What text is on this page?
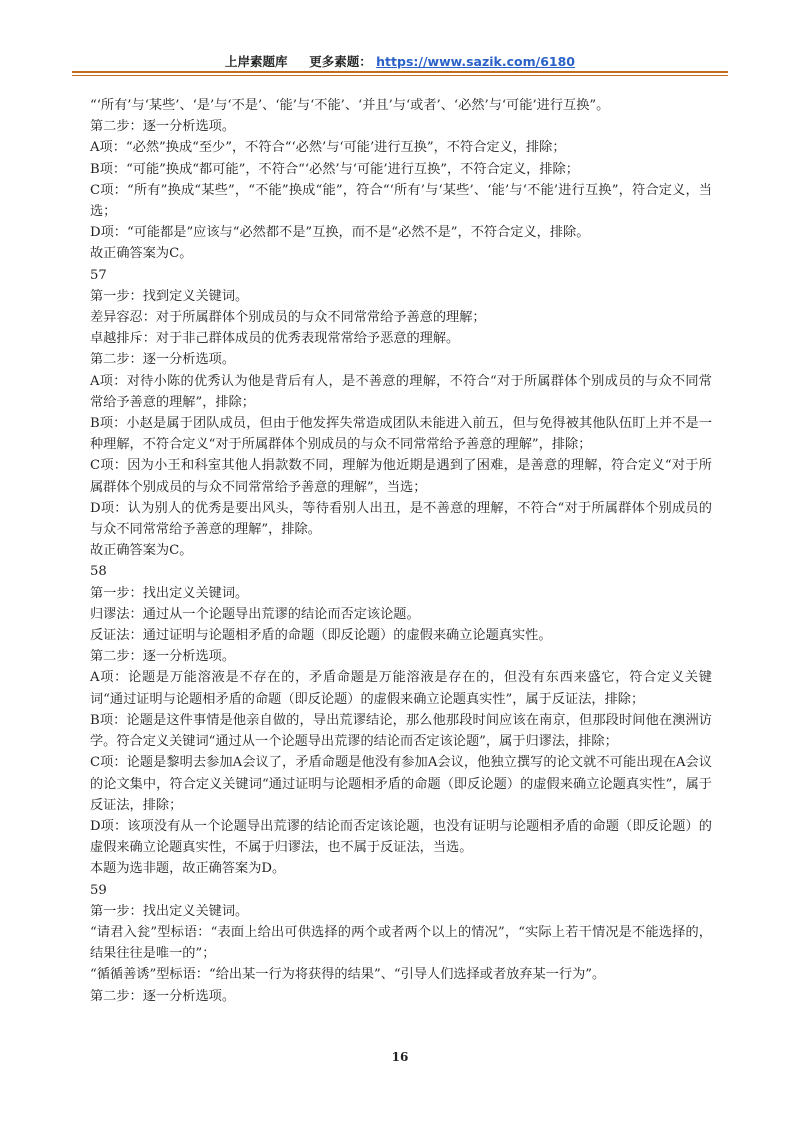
上岸素题库 更多素题： https://www.sazik.com/6180

“‘所有’与‘某些’、‘是’与‘不是’、‘能’与‘不能’、‘并且’与‘或者’、‘必然’与‘可能’进行互换”。

第二步：逐一分析选项。

A项：“必然”换成“至少”，不符合“‘必然’与‘可能’进行互换”，不符合定义，排除；

B项：“可能”换成“都可能”，不符合“‘必然’与‘可能’进行互换”，不符合定义，排除；

C项：“所有”换成“某些”，“不能”换成“能”，符合“‘所有’与‘某些’、‘能’与‘不能’进行互换”，符合定义，当选；

D项：“可能都是”应该与“必然都不是”互换，而不是“必然不是”，不符合定义，排除。

故正确答案为C。

57

第一步：找到定义关键词。

差异容忍：对于所属群体个别成员的与众不同常常给予善意的理解；

卓越排斥：对于非己群体成员的优秀表现常常给予恶意的理解。

第二步：逐一分析选项。

A项：对待小陈的优秀认为他是背后有人，是不善意的理解，不符合“对于所属群体个别成员的与众不同常常给予善意的理解”，排除；

B项：小赵是属于团队成员，但由于他发挥失常造成团队未能进入前五，但与免得被其他队伍盯上并不是一种理解，不符合定义“对于所属群体个别成员的与众不同常常给予善意的理解”，排除；

C项：因为小王和科室其他人捐款数不同，理解为他近期是遇到了困难，是善意的理解，符合定义“对于所属群体个别成员的与众不同常常给予善意的理解”，当选；

D项：认为别人的优秀是要出风头，等待看别人出丑，是不善意的理解，不符合“对于所属群体个别成员的与众不同常常给予善意的理解”，排除。

故正确答案为C。

58

第一步：找出定义关键词。

归谬法：通过从一个论题导出荒谬的结论而否定该论题。

反证法：通过证明与论题相矛盾的命题（即反论题）的虚假来确立论题真实性。

第二步：逐一分析选项。

A项：论题是万能溶液是不存在的，矛盾命题是万能溶液是存在的，但没有东西来盛它，符合定义关键词“通过证明与论题相矛盾的命题（即反论题）的虚假来确立论题真实性”，属于反证法，排除；

B项：论题是这件事情是他亲自做的，导出荒谬结论，那么他那段时间应该在南京，但那段时间他在澳洲访学。符合定义关键词“通过从一个论题导出荒谬的结论而否定该论题”，属于归谬法，排除；

C项：论题是黎明去参加A会议了，矛盾命题是他没有参加A会议，他独立撰写的论文就不可能出现在A会议的论文集中，符合定义关键词“通过证明与论题相矛盾的命题（即反论题）的虚假来确立论题真实性”，属于反证法，排除；

D项：该项没有从一个论题导出荒谬的结论而否定该论题，也没有证明与论题相矛盾的命题（即反论题）的虚假来确立论题真实性，不属于归谬法，也不属于反证法，当选。

本题为选非题，故正确答案为D。

59

第一步：找出定义关键词。

“请君入瓮”型标语：“表面上给出可供选择的两个或者两个以上的情况”，“实际上若干情况是不能选择的，结果往往是唯一的”；

“循循善诱”型标语：“给出某一行为将获得的结果”、“引导人们选择或者放弃某一行为”。

第二步：逐一分析选项。

16
